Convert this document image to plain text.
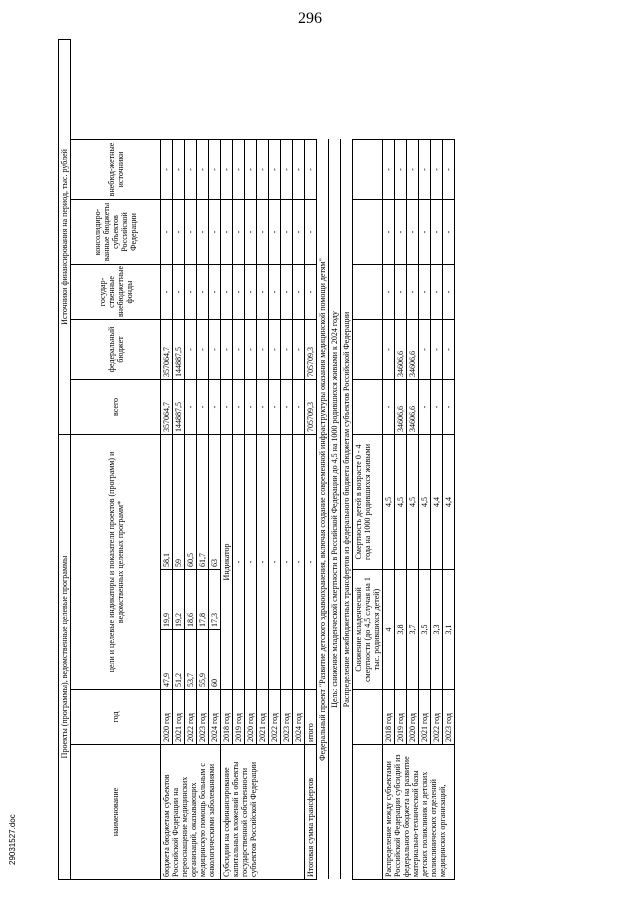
296
29031527.doc
Проекты (программы), ведомственные целевые программы					Источники финансирования на период, тыс. рублей					
наименование	год	цели и целевые индикаторы и показатели проектов (программ) и ведомственных целевых программ*			всего	федеральный бюджет	государ-ственные внебюджетные фонды	консолидиро-ванные бюджеты субъектов Российской Федерации	внебюд-жетные источники	
бюджета бюджетам субъектов Российской Федерации на переоснащение медицинских организаций, оказывающих медицинскую помощь больным с онкологическими заболеваниями	2020 год	47,9	19,9	58,1	357064,7	357064,7	-	-	-	
	2021 год	51,2	19,2	59	144887,5	144887,5	-	-	-	
	2022 год	53,7	18,6	60,5	-	-	-	-	-	
	2023 год	55,9	17,8	61,7	-	-	-	-	-	
	2024 год	60	17,3	63	-	-	-	-	-	
Субсидии на софинансирование капитальных вложений в объекты государственной собственности субъектов Российской Федерации	2018 год	Индикатор			-	-	-	-	-	
	2019 год	-			-	-	-	-	-	
	2020 год	-			-	-	-	-	-	
	2021 год	-			-	-	-	-	-	
	2022 год	-			-	-	-	-	-	
	2023 год	-			-	-	-	-	-	
	2024 год	-			-	-	-	-	-	
Итоговая сумма трансфертов	итого	-			705709,3	705709,3	-	-	-	
Федеральный проект "Развитие детского здравоохранения, включая создание современной инфраструктуры оказания медицинской помощи детям"										
Цель: снижение младенческой смертности в Российской Федерации до 4,5 на 1000 родившихся живыми к 2024 году										
Распределение межбюджетных трансфертов из федерального бюджета бюджетам субъектов Российской Федерации										
		Снижение младенческой смертности (до 4,5 случая на 1 тыс. родившихся детей)		Смертность детей в возрасте 0 - 4 года на 1000 родившихся живыми						
Распределение между субъектами Российской Федерации субсидий из федерального бюджета на развитие материально-технической базы детских поликлиник и детских поликлинических отделений медицинских организаций,	2018 год	4		4,5	-	-	-	-	-	
	2019 год	3,8		4,5	34606,6	34606,6	-	-	-	
	2020 год	3,7		4,5	34606,6	34606,6	-	-	-	
	2021 год	3,5		4,5	-	-	-	-	-	
	2022 год	3,3		4,4	-	-	-	-	-	
	2023 год	3,1		4,4	-	-	-	-	-	
